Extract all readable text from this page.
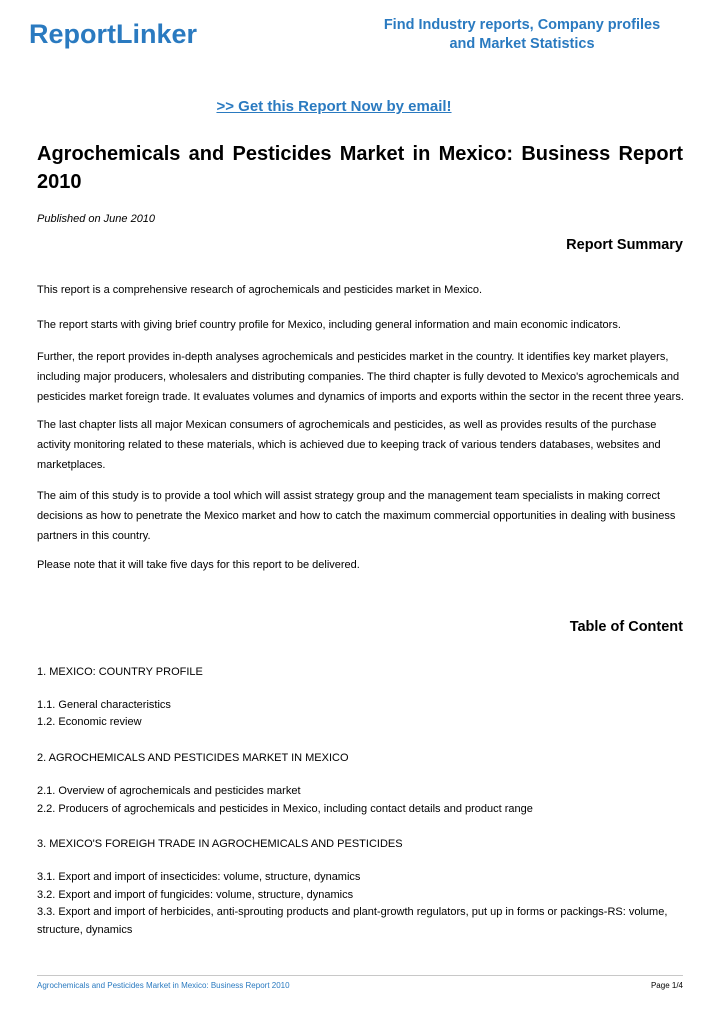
ReportLinker	Find Industry reports, Company profiles
and Market Statistics
>> Get this Report Now by email!
Agrochemicals and Pesticides Market in Mexico: Business Report 2010
Published on June 2010
Report Summary
This report is a comprehensive research of agrochemicals and pesticides market in Mexico.
The report starts with giving brief country profile for Mexico, including general information and main economic indicators.
Further, the report provides in-depth analyses agrochemicals and pesticides market in the country. It identifies key market players,
including major producers, wholesalers and distributing companies. The third chapter is fully devoted to Mexico's agrochemicals and
pesticides market foreign trade. It evaluates volumes and dynamics of imports and exports within the sector in the recent three years.
The last chapter lists all major Mexican consumers of agrochemicals and pesticides, as well as provides results of the purchase
activity monitoring related to these materials, which is achieved due to keeping track of various tenders databases, websites and
marketplaces.
The aim of this study is to provide a tool which will assist strategy group and the management team specialists in making correct
decisions as how to penetrate the Mexico market and how to catch the maximum commercial opportunities in dealing with business
partners in this country.
Please note that it will take five days for this report to be delivered.
Table of Content
1. MEXICO: COUNTRY PROFILE
1.1. General characteristics
1.2. Economic review
2. AGROCHEMICALS AND PESTICIDES MARKET IN MEXICO
2.1. Overview of agrochemicals and pesticides market
2.2. Producers of agrochemicals and pesticides in Mexico, including contact details and product range
3. MEXICO'S FOREIGH TRADE IN AGROCHEMICALS AND PESTICIDES
3.1. Export and import of insecticides: volume, structure, dynamics
3.2. Export and import of fungicides: volume, structure, dynamics
3.3. Export and import of herbicides, anti-sprouting products and plant-growth regulators, put up in forms or packings-RS: volume,
structure, dynamics
Agrochemicals and Pesticides Market in Mexico: Business Report 2010	Page 1/4
